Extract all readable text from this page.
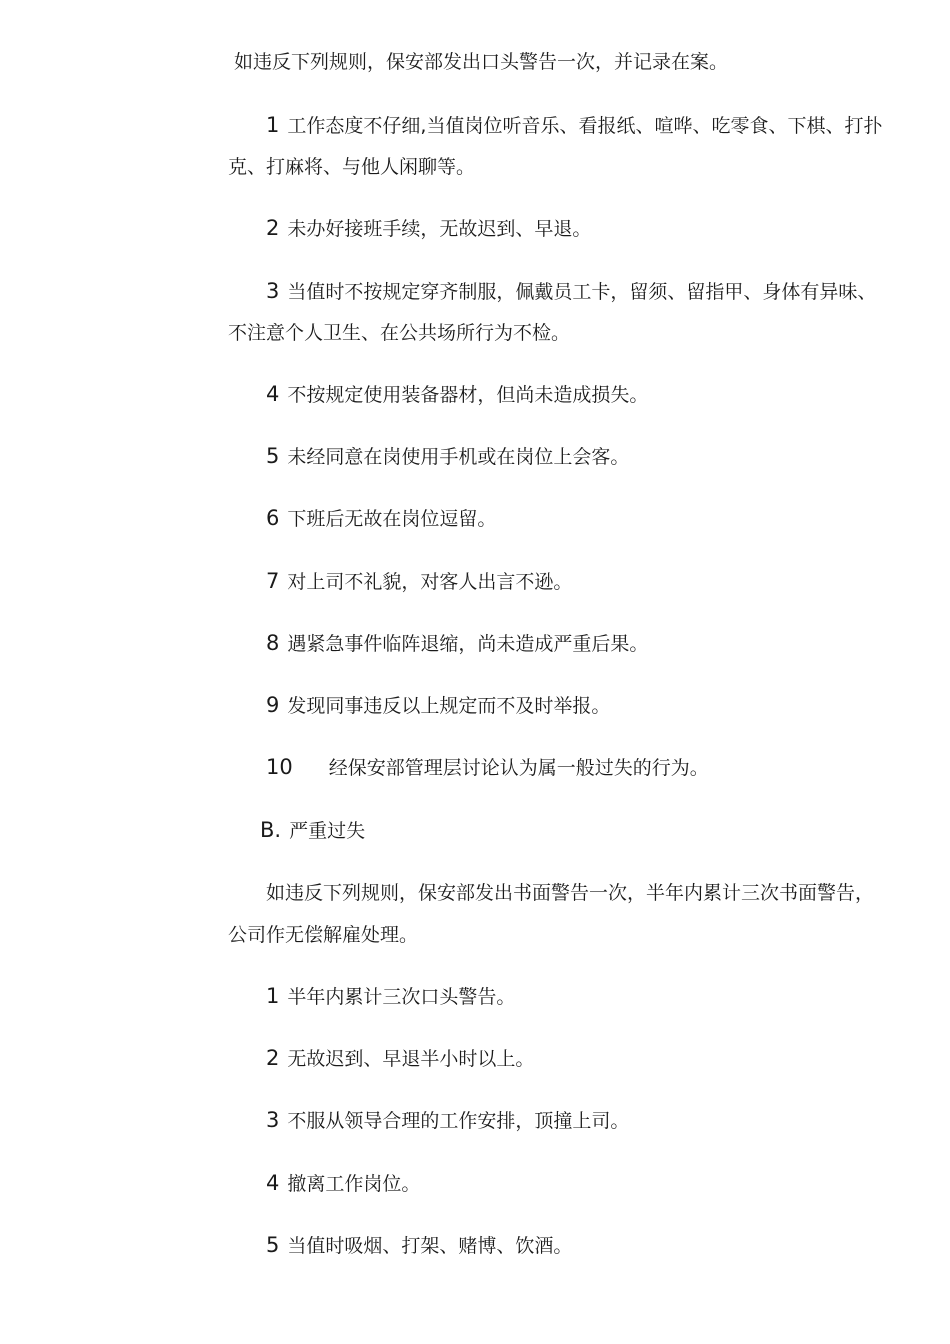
如违反下列规则，保安部发出口头警告一次，并记录在案。
1 工作态度不仔细,当值岗位听音乐、看报纸、喧哗、吃零食、下棋、打扑
克、打麻将、与他人闲聊等。
2 未办好接班手续，无故迟到、早退。
3 当值时不按规定穿齐制服，佩戴员工卡，留须、留指甲、身体有异味、
不注意个人卫生、在公共场所行为不检。
4 不按规定使用装备器材，但尚未造成损失。
5 未经同意在岗使用手机或在岗位上会客。
6 下班后无故在岗位逗留。
7 对上司不礼貌，对客人出言不逊。
8 遇紧急事件临阵退缩，尚未造成严重后果。
9 发现同事违反以上规定而不及时举报。
10 经保安部管理层讨论认为属一般过失的行为。
B. 严重过失
如违反下列规则，保安部发出书面警告一次，半年内累计三次书面警告，
公司作无偿解雇处理。
1 半年内累计三次口头警告。
2 无故迟到、早退半小时以上。
3 不服从领导合理的工作安排，顶撞上司。
4 撤离工作岗位。
5 当值时吸烟、打架、赌博、饮酒。
